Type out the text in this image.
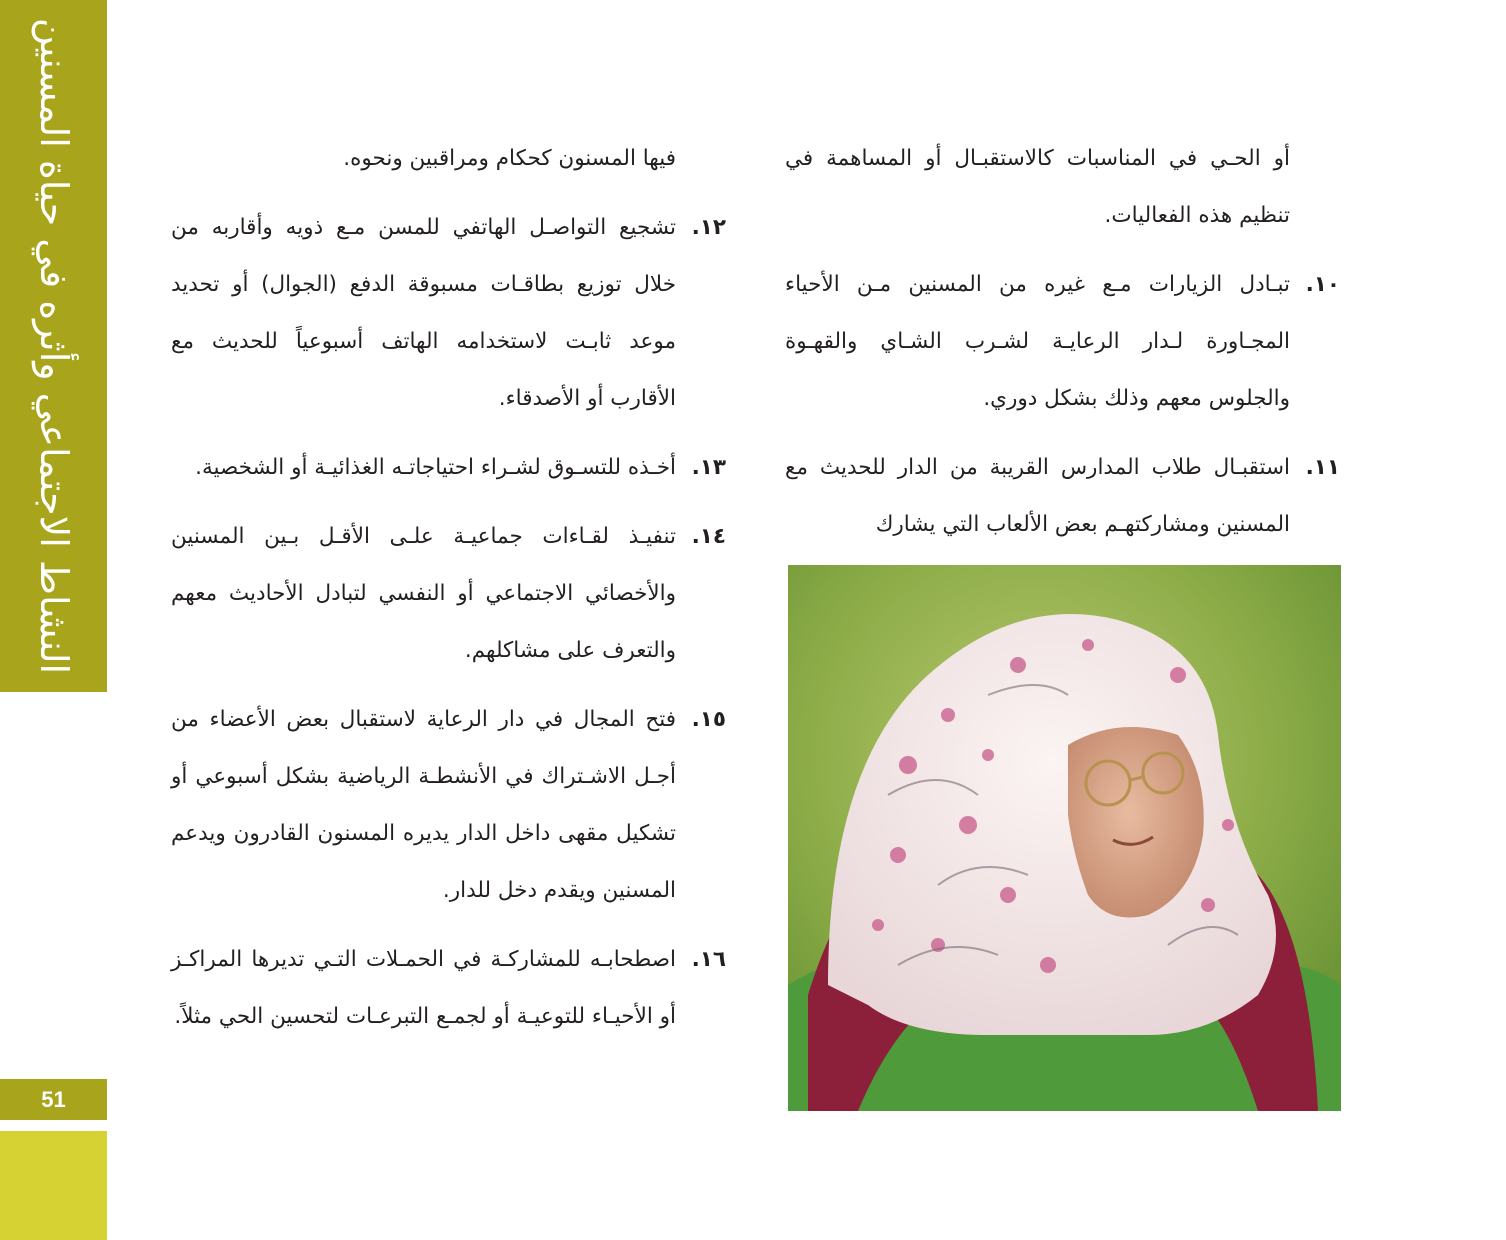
النشاط الاجتماعي وأثره في حياة المسنين
51
أو الحـي في المناسبات كالاستقبـال أو المساهمة في تنظيم هذه الفعاليات.
١٠.
تبـادل الزيارات مـع غيره من المسنين مـن الأحياء المجـاورة لـدار الرعايـة لشـرب الشـاي والقهـوة والجلوس معهم وذلك بشكل دوري.
١١.
استقبـال طلاب المدارس القريبة من الدار للحديث مع المسنين ومشاركتهـم بعض الألعاب التي يشارك
فيها المسنون كحكام ومراقبين ونحوه.
١٢.
تشجيع التواصـل الهاتفي للمسن مـع ذويه وأقاربه من خلال توزيع بطاقـات مسبوقة الدفع (الجوال) أو تحديد موعد ثابـت لاستخدامه الهاتف أسبوعياً للحديث مع الأقارب أو الأصدقاء.
١٣.
أخـذه للتسـوق لشـراء احتياجاتـه الغذائيـة أو الشخصية.
١٤.
تنفيـذ لقـاءات جماعيـة علـى الأقـل بـين المسنين والأخصائي الاجتماعي أو النفسي لتبادل الأحاديث معهم والتعرف على مشاكلهم.
١٥.
فتح المجال في دار الرعاية لاستقبال بعض الأعضاء من أجـل الاشـتراك في الأنشطـة الرياضية بشكل أسبوعي أو تشكيل مقهى داخل الدار يديره المسنون القادرون ويدعم المسنين ويقدم دخل للدار.
١٦.
اصطحابـه للمشاركـة في الحمـلات التـي تديرها المراكـز أو الأحيـاء للتوعيـة أو لجمـع التبرعـات لتحسين الحي مثلاً.
